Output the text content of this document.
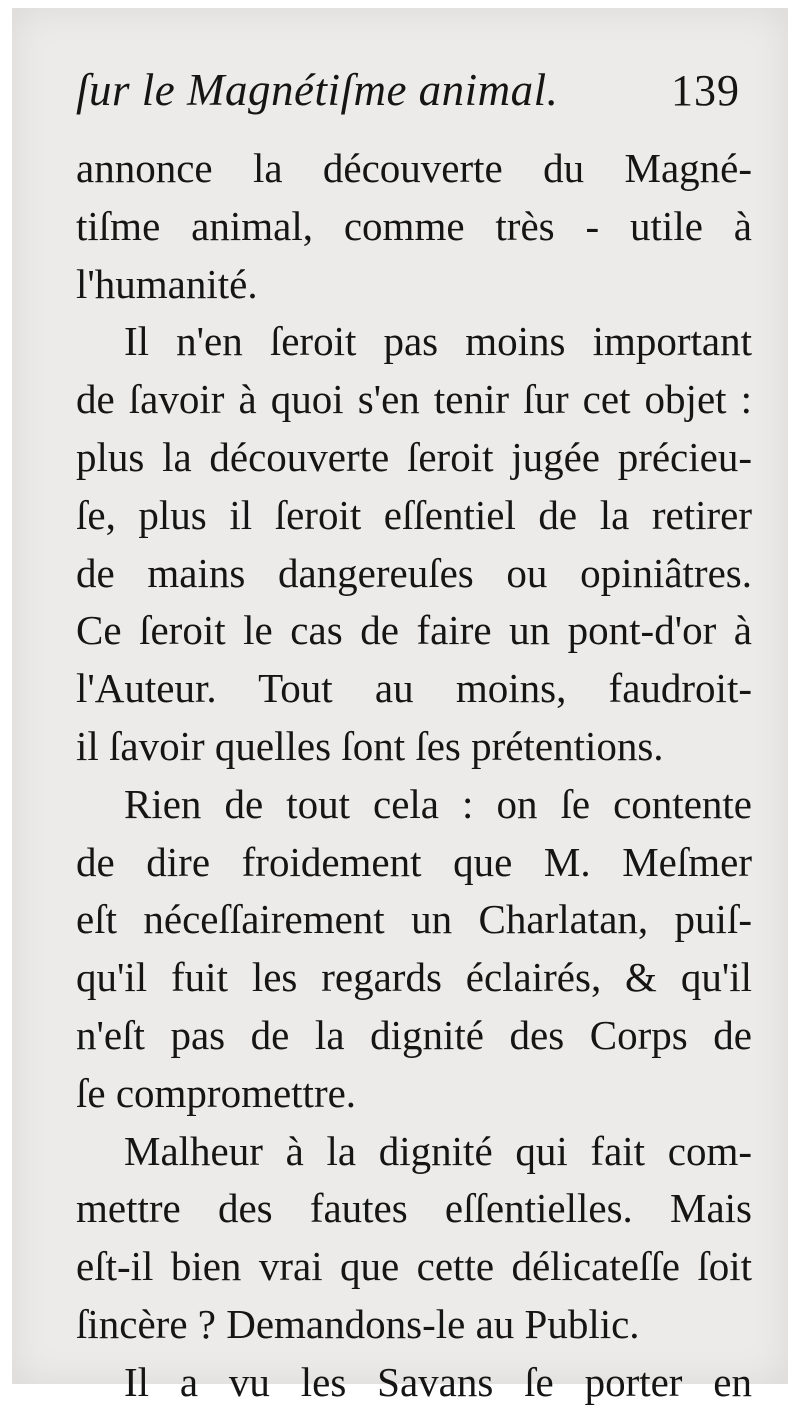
ſur le Magnétiſme animal.	139
annonce la découverte du Magné-
tiſme animal, comme très - utile à
l'humanité.
Il n'en ſeroit pas moins important
de ſavoir à quoi s'en tenir ſur cet objet :
plus la découverte ſeroit jugée précieu-
ſe, plus il ſeroit eſſentiel de la retirer
de mains dangereuſes ou opiniâtres.
Ce ſeroit le cas de faire un pont-d'or à
l'Auteur. Tout au moins, faudroit-
il ſavoir quelles ſont ſes prétentions.
Rien de tout cela : on ſe contente
de dire froidement que M. Meſmer
eſt néceſſairement un Charlatan, puiſ-
qu'il fuit les regards éclairés, & qu'il
n'eſt pas de la dignité des Corps de
ſe compromettre.
Malheur à la dignité qui fait com-
mettre des fautes eſſentielles. Mais
eſt-il bien vrai que cette délicateſſe ſoit
ſincère ? Demandons-le au Public.
Il a vu les Savans ſe porter en
